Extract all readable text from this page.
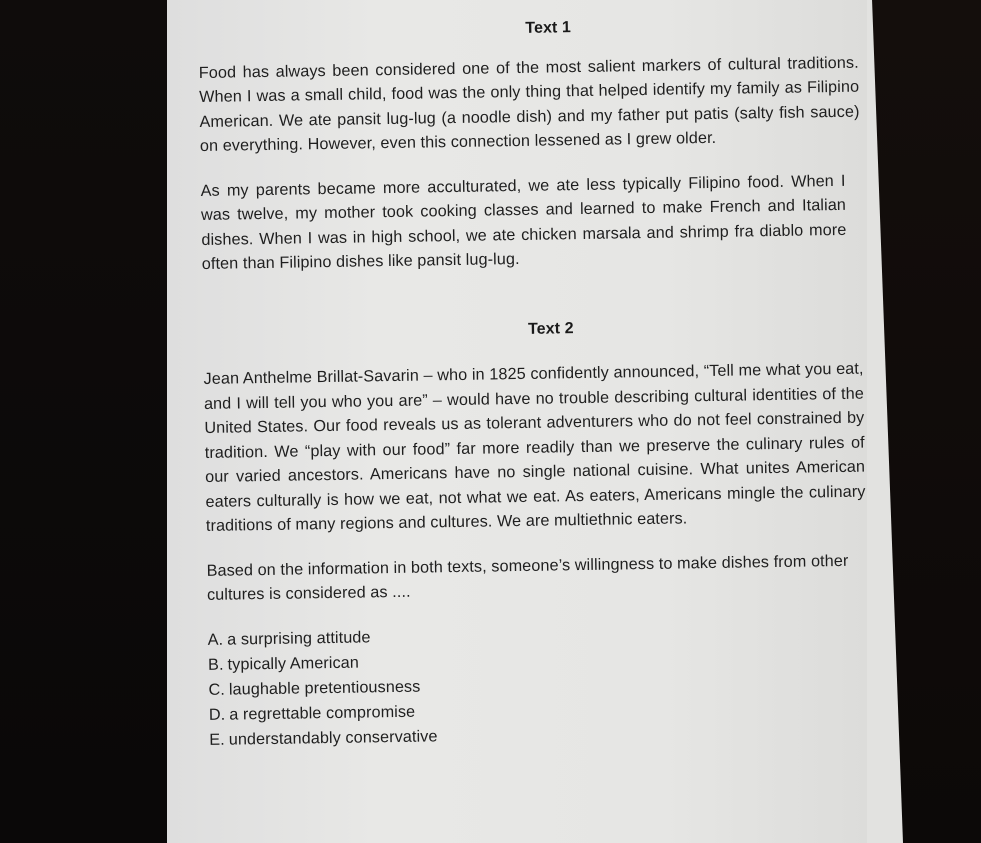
Text 1

Food has always been considered one of the most salient markers of cultural traditions. When I was a small child, food was the only thing that helped identify my family as Filipino American. We ate pansit lug-lug (a noodle dish) and my father put patis (salty fish sauce) on everything. However, even this connection lessened as I grew older.

As my parents became more acculturated, we ate less typically Filipino food. When I was twelve, my mother took cooking classes and learned to make French and Italian dishes. When I was in high school, we ate chicken marsala and shrimp fra diablo more often than Filipino dishes like pansit lug-lug.

Text 2

Jean Anthelme Brillat-Savarin – who in 1825 confidently announced, “Tell me what you eat, and I will tell you who you are” – would have no trouble describing cultural identities of the United States. Our food reveals us as tolerant adventurers who do not feel constrained by tradition. We “play with our food” far more readily than we preserve the culinary rules of our varied ancestors. Americans have no single national cuisine. What unites American eaters culturally is how we eat, not what we eat. As eaters, Americans mingle the culinary traditions of many regions and cultures. We are multiethnic eaters.

Based on the information in both texts, someone’s willingness to make dishes from other cultures is considered as ....

A. a surprising attitude
B. typically American
C. laughable pretentiousness
D. a regrettable compromise
E. understandably conservative
